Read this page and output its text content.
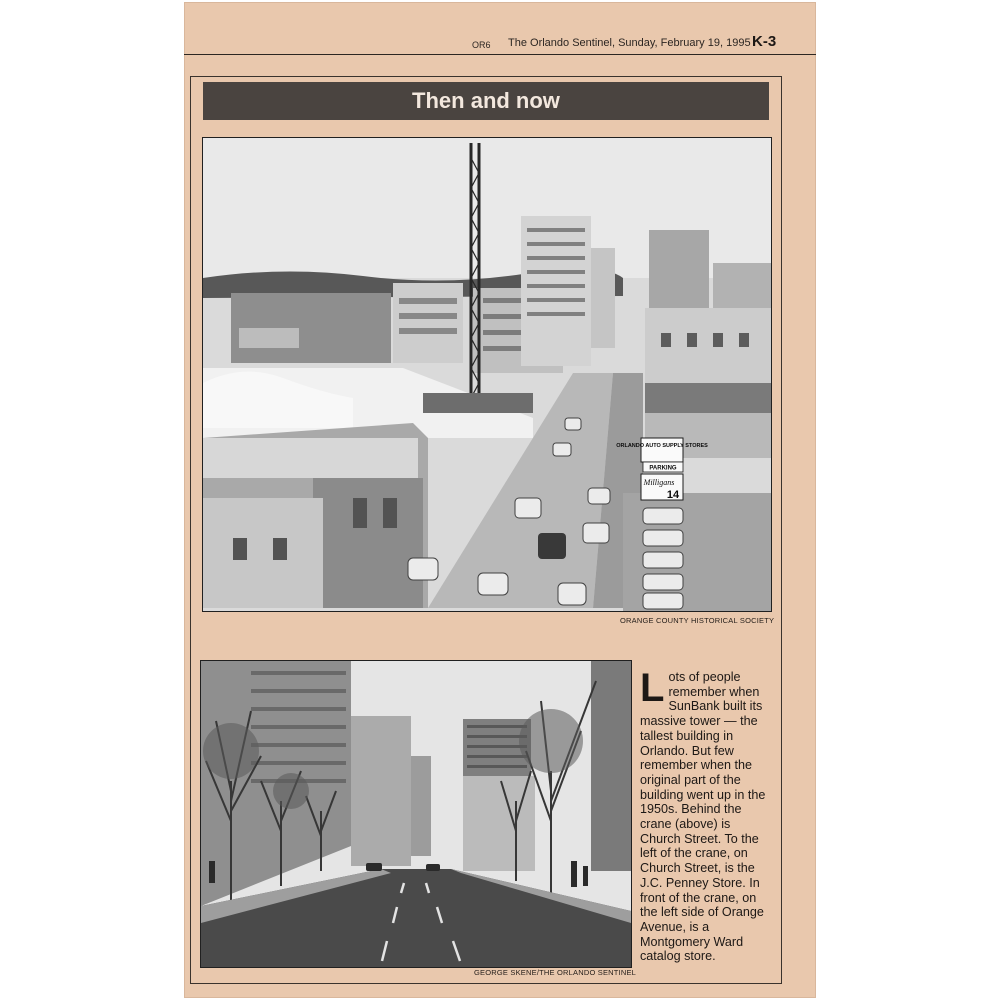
OR6 The Orlando Sentinel, Sunday, February 19, 1995 K-3
Then and now
ORLANDO AUTO SUPPLY STORES
PARKING
Milligans
14
ORANGE COUNTY HISTORICAL SOCIETY
GEORGE SKENE/THE ORLANDO SENTINEL
Lots of people remember when SunBank built its massive tower — the tallest building in Orlando. But few remember when the original part of the building went up in the 1950s. Behind the crane (above) is Church Street. To the left of the crane, on Church Street, is the J.C. Penney Store. In front of the crane, on the left side of Orange Avenue, is a Montgomery Ward catalog store.
